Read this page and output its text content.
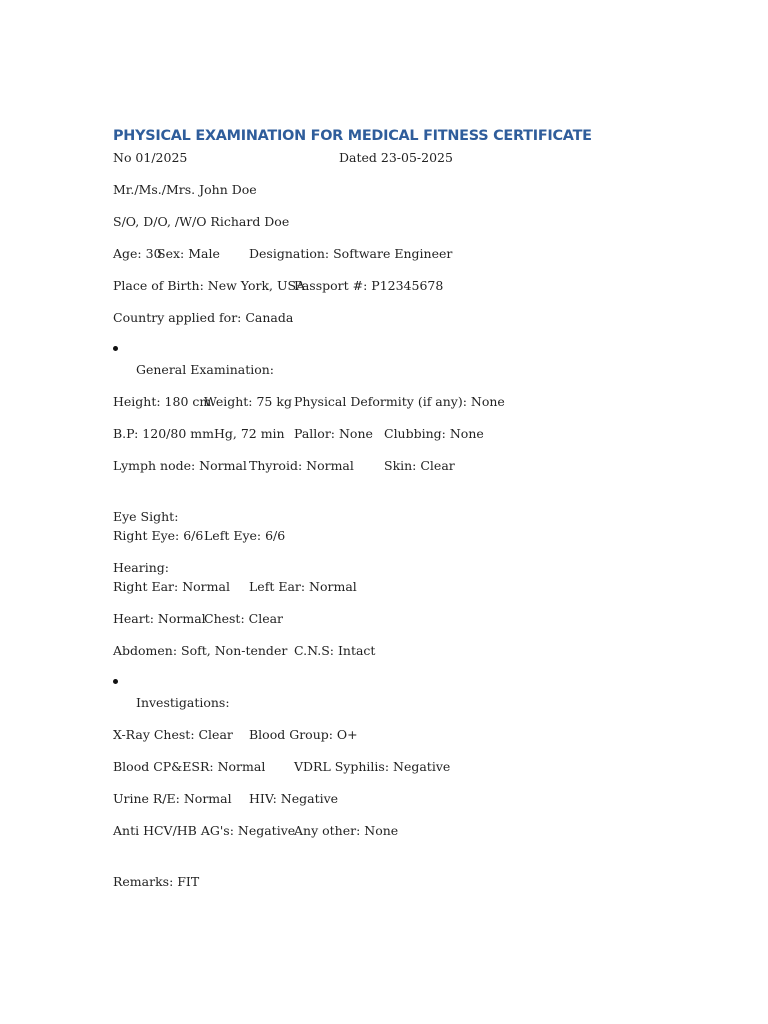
PHYSICAL EXAMINATION FOR MEDICAL FITNESS CERTIFICATE
No 01/2025	Dated 23-05-2025
Mr./Ms./Mrs. John Doe
S/O, D/O, /W/O Richard Doe
Age: 30
Sex: Male Designation: Software Engineer
Place of Birth: New York, USA
Passport #: P12345678
Country applied for: Canada
General Examination:
Height: 180 cm
Weight: 75 kg Physical Deformity (if any): None
B.P: 120/80 mmHg, 72 min Pallor: None Clubbing: None
Lymph node: Normal Thyroid: Normal Skin: Clear
Eye Sight:
Right Eye: 6/6 Left Eye: 6/6
Hearing:
Right Ear: Normal Left Ear: Normal
Heart: Normal
Chest: Clear
Abdomen: Soft, Non-tender C.N.S: Intact
Investigations:
X-Ray Chest: Clear Blood Group: O+
Blood CP&ESR: Normal VDRL Syphilis: Negative
Urine R/E: Normal HIV: Negative
Anti HCV/HB AG's: Negative
Any other: None
Remarks: FIT
